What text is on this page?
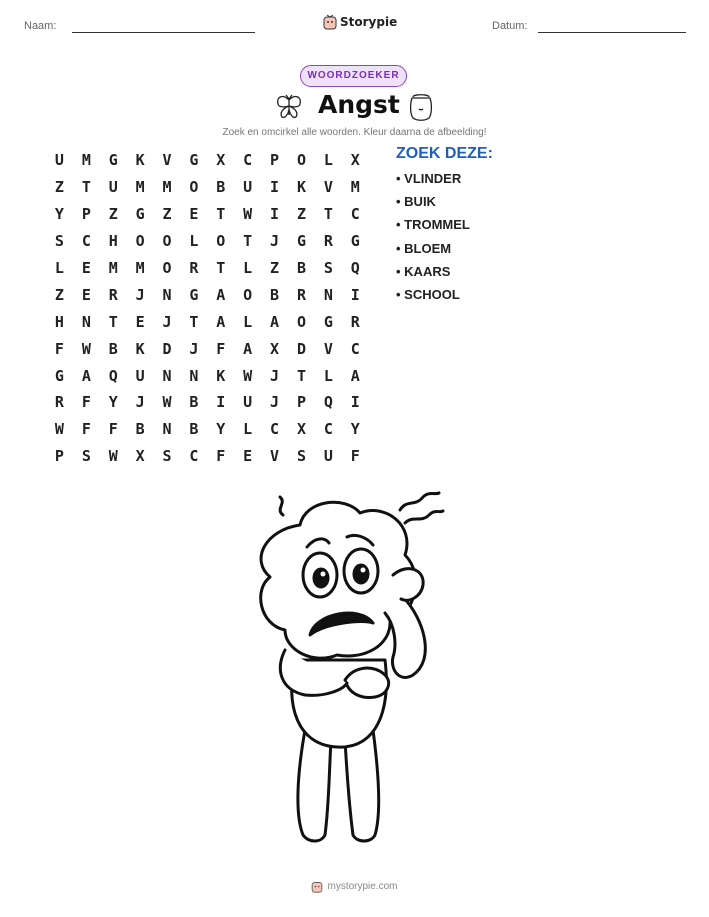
Naam:	Storypie	Datum:
WOORDZOEKER
Angst
Zoek en omcirkel alle woorden. Kleur daarna de afbeelding!
U	M	G	K	V	G	X	C	P	O	L	X
Z	T	U	M	M	O	B	U	I	K	V	M
Y	P	Z	G	Z	E	T	W	I	Z	T	C
S	C	H	O	O	L	O	T	J	G	R	G
L	E	M	M	O	R	T	L	Z	B	S	Q
Z	E	R	J	N	G	A	O	B	R	N	I
H	N	T	E	J	T	A	L	A	O	G	R
F	W	B	K	D	J	F	A	X	D	V	C
G	A	Q	U	N	N	K	W	J	T	L	A
R	F	Y	J	W	B	I	U	J	P	Q	I
W	F	F	B	N	B	Y	L	C	X	C	Y
P	S	W	X	S	C	F	E	V	S	U	F
ZOEK DEZE:
• VLINDER
• BUIK
• TROMMEL
• BLOEM
• KAARS
• SCHOOL
mystorypie.com
